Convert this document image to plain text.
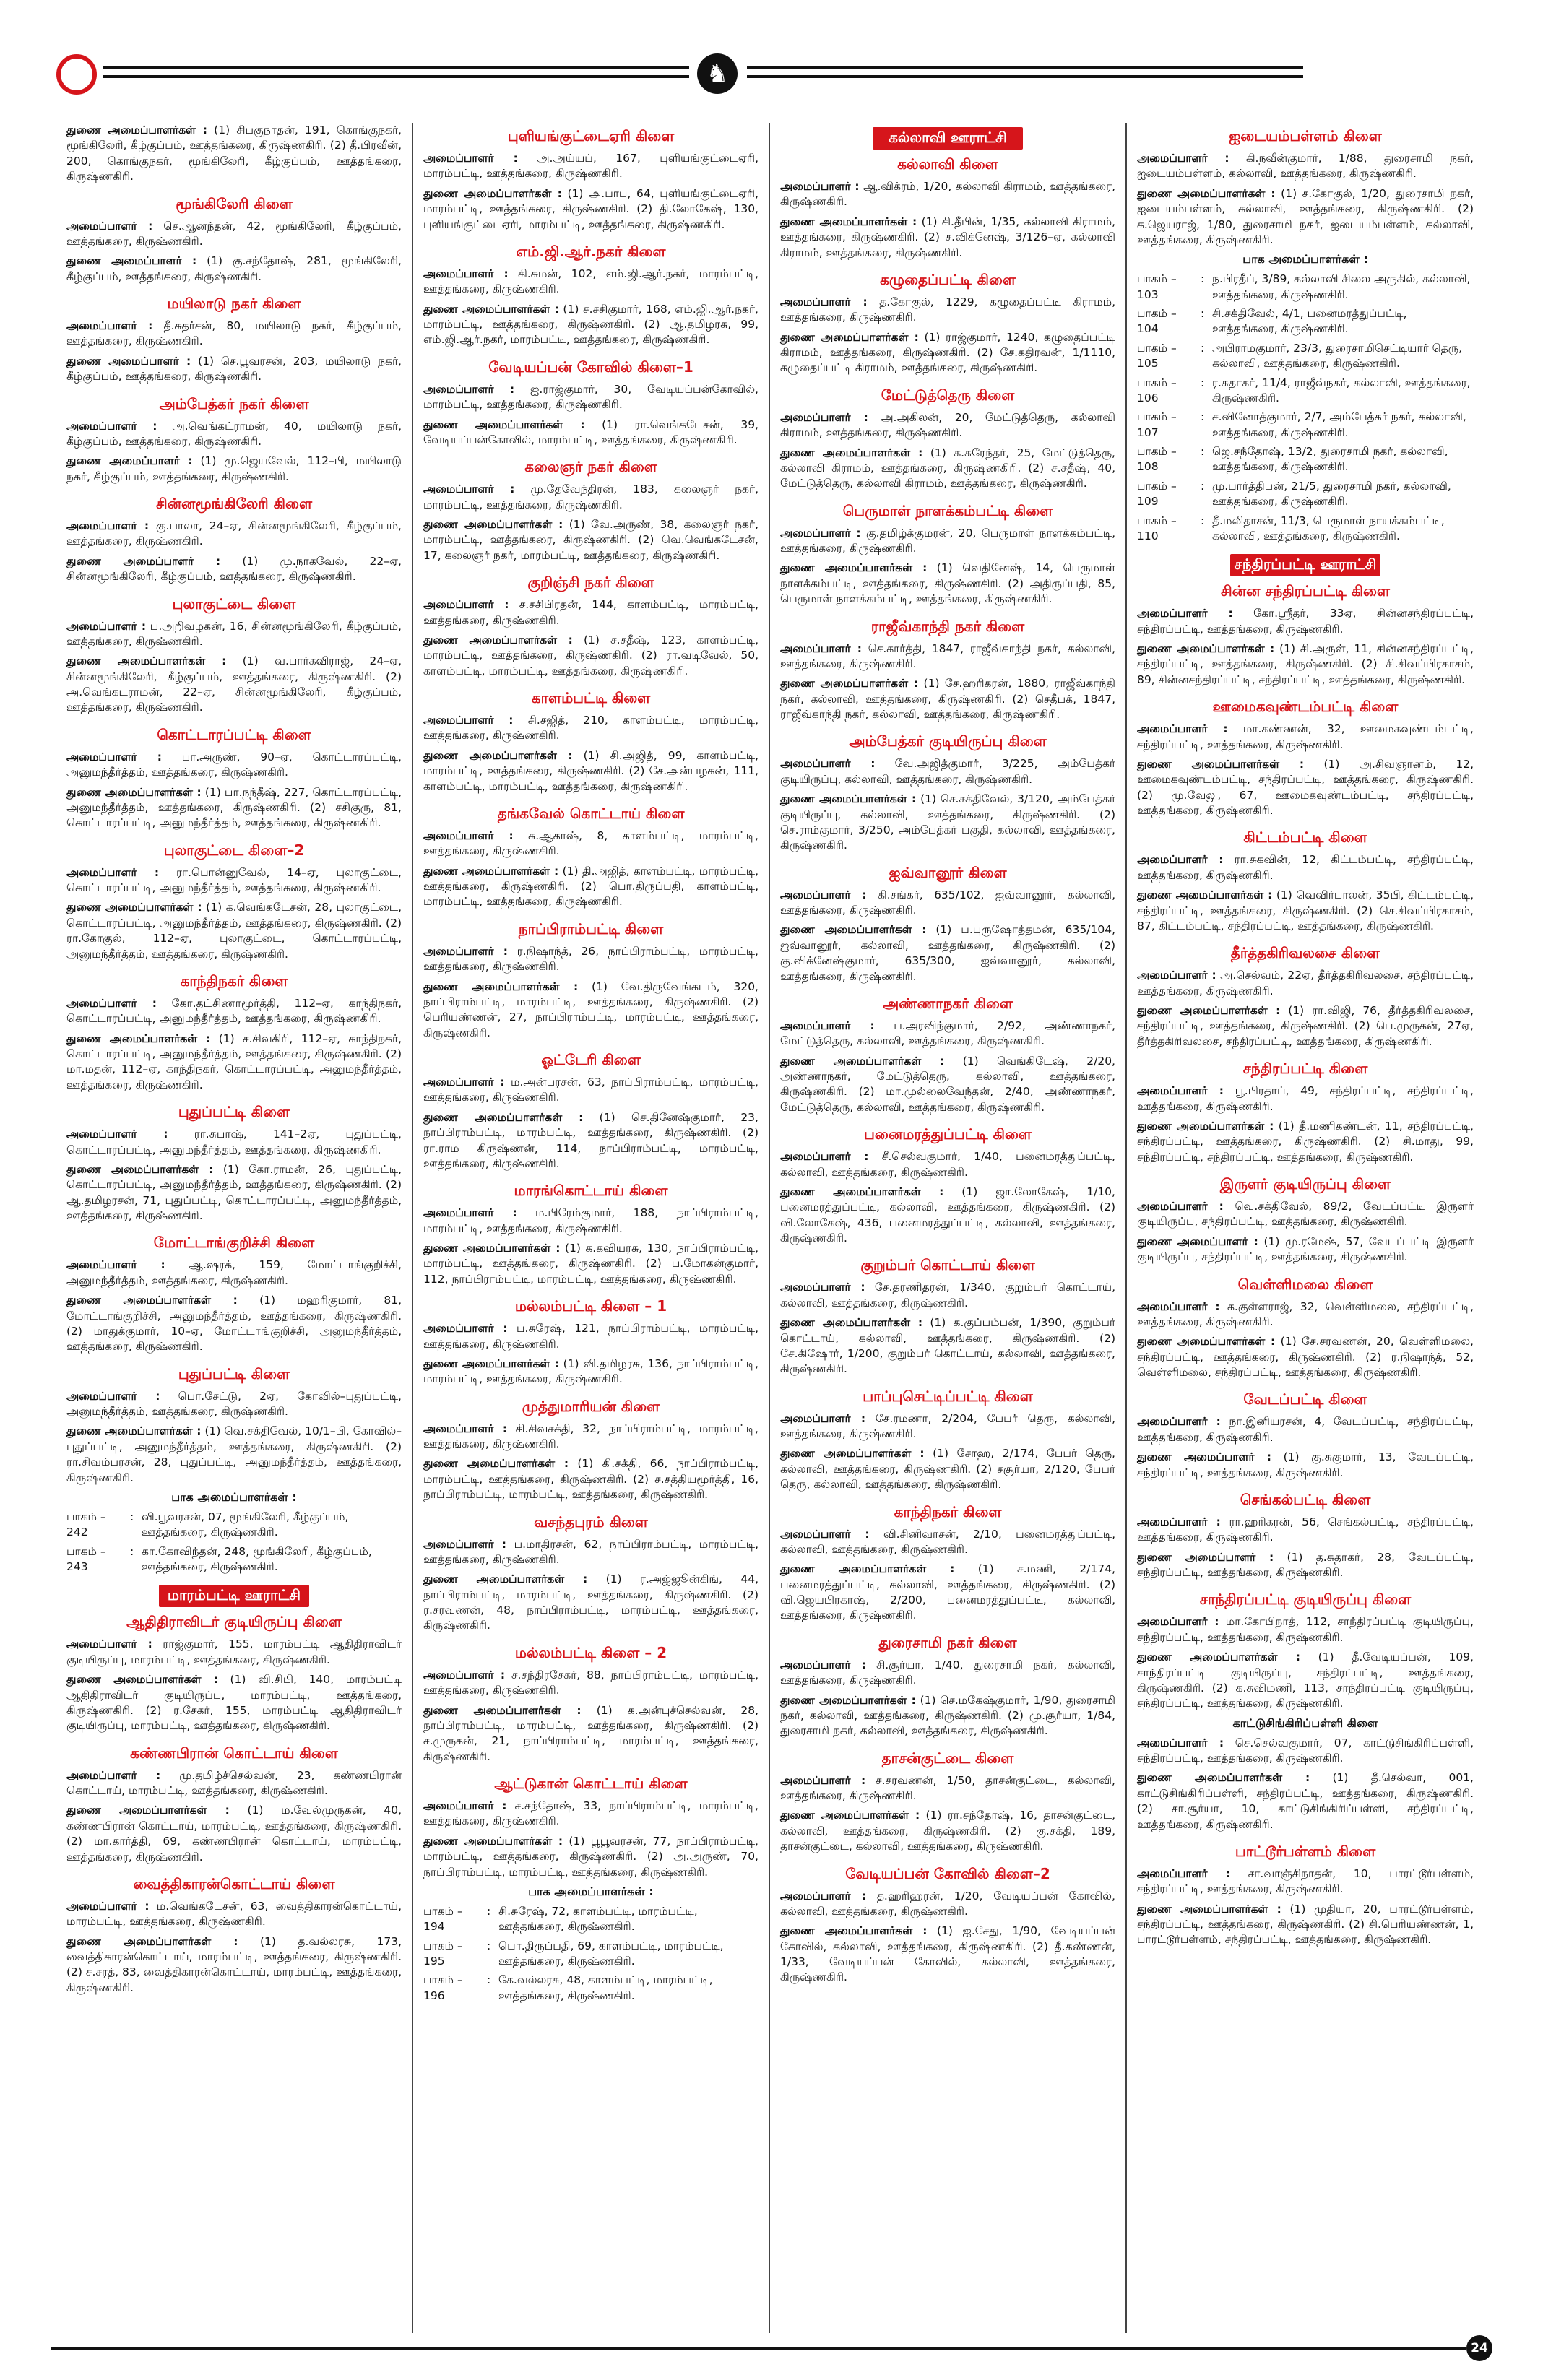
♞

துணை அமைப்பாளர்கள் : (1) சிபகுநாதன், 191, கொங்குநகர், மூங்கிலேரி, கீழ்குப்பம், ஊத்தங்கரை, கிருஷ்ணகிரி. (2) தீ.பிரவீன், 200, கொங்குநகர், மூங்கிலேரி, கீழ்குப்பம், ஊத்தங்கரை, கிருஷ்ணகிரி.

மூங்கிலேரி கிளை

அமைப்பாளர் : செ.ஆனந்தன், 42, மூங்கிலேரி, கீழ்குப்பம், ஊத்தங்கரை, கிருஷ்ணகிரி.

துணை அமைப்பாளர் : (1) கு.சந்தோஷ், 281, மூங்கிலேரி, கீழ்குப்பம், ஊத்தங்கரை, கிருஷ்ணகிரி.

மயிலாடு நகர் கிளை

அமைப்பாளர் : தீ.சுதர்சன், 80, மயிலாடு நகர், கீழ்குப்பம், ஊத்தங்கரை, கிருஷ்ணகிரி.

துணை அமைப்பாளர் : (1) செ.பூவரசன், 203, மயிலாடு நகர், கீழ்குப்பம், ஊத்தங்கரை, கிருஷ்ணகிரி.

அம்பேத்கர் நகர் கிளை

அமைப்பாளர் : அ.வெங்கட்ராமன், 40, மயிலாடு நகர், கீழ்குப்பம், ஊத்தங்கரை, கிருஷ்ணகிரி.

துணை அமைப்பாளர் : (1) மு.ஜெயவேல், 112–பி, மயிலாடு நகர், கீழ்குப்பம், ஊத்தங்கரை, கிருஷ்ணகிரி.

சின்னமூங்கிலேரி கிளை

அமைப்பாளர் : கு.பாலா, 24–ஏ, சின்னமூங்கிலேரி, கீழ்குப்பம், ஊத்தங்கரை, கிருஷ்ணகிரி.

துணை அமைப்பாளர் : (1) மு.நாகவேல், 22–ஏ, சின்னமூங்கிலேரி, கீழ்குப்பம், ஊத்தங்கரை, கிருஷ்ணகிரி.

புலாகுட்டை கிளை

அமைப்பாளர் : ப.அறிவழகன், 16, சின்னமூங்கிலேரி, கீழ்குப்பம், ஊத்தங்கரை, கிருஷ்ணகிரி.

துணை அமைப்பாளர்கள் : (1) வ.பார்கவிராஜ், 24–ஏ, சின்னமூங்கிலேரி, கீழ்குப்பம், ஊத்தங்கரை, கிருஷ்ணகிரி. (2) அ.வெங்கடராமன், 22–ஏ, சின்னமூங்கிலேரி, கீழ்குப்பம், ஊத்தங்கரை, கிருஷ்ணகிரி.

கொட்டாரப்பட்டி கிளை

அமைப்பாளர் : பா.அருண், 90–ஏ, கொட்டாரப்பட்டி, அனுமந்தீர்த்தம், ஊத்தங்கரை, கிருஷ்ணகிரி.

துணை அமைப்பாளர்கள் : (1) பா.நந்தீஷ், 227, கொட்டாரப்பட்டி, அனுமந்தீர்த்தம், ஊத்தங்கரை, கிருஷ்ணகிரி. (2) சசிகுரு, 81, கொட்டாரப்பட்டி, அனுமந்தீர்த்தம், ஊத்தங்கரை, கிருஷ்ணகிரி.

புலாகுட்டை கிளை–2

அமைப்பாளர் : ரா.பொன்னுவேல், 14–ஏ, புலாகுட்டை, கொட்டாரப்பட்டி, அனுமந்தீர்த்தம், ஊத்தங்கரை, கிருஷ்ணகிரி.

துணை அமைப்பாளர்கள் : (1) க.வெங்கடேசன், 28, புலாகுட்டை, கொட்டாரப்பட்டி, அனுமந்தீர்த்தம், ஊத்தங்கரை, கிருஷ்ணகிரி. (2) ரா.கோகுல், 112–ஏ, புலாகுட்டை, கொட்டாரப்பட்டி, அனுமந்தீர்த்தம், ஊத்தங்கரை, கிருஷ்ணகிரி.

காந்திநகர் கிளை

அமைப்பாளர் : கோ.தட்சிணாமூர்த்தி, 112–ஏ, காந்திநகர், கொட்டாரப்பட்டி, அனுமந்தீர்த்தம், ஊத்தங்கரை, கிருஷ்ணகிரி.

துணை அமைப்பாளர்கள் : (1) ச.சிவகிரி, 112–ஏ, காந்திநகர், கொட்டாரப்பட்டி, அனுமந்தீர்த்தம், ஊத்தங்கரை, கிருஷ்ணகிரி. (2) மா.மதன், 112–ஏ, காந்திநகர், கொட்டாரப்பட்டி, அனுமந்தீர்த்தம், ஊத்தங்கரை, கிருஷ்ணகிரி.

புதுப்பட்டி கிளை

அமைப்பாளர் : ரா.சுபாஷ், 141–2ஏ, புதுப்பட்டி, கொட்டாரப்பட்டி, அனுமந்தீர்த்தம், ஊத்தங்கரை, கிருஷ்ணகிரி.

துணை அமைப்பாளர்கள் : (1) கோ.ராமன், 26, புதுப்பட்டி, கொட்டாரப்பட்டி, அனுமந்தீர்த்தம், ஊத்தங்கரை, கிருஷ்ணகிரி. (2) ஆ.தமிழரசன், 71, புதுப்பட்டி, கொட்டாரப்பட்டி, அனுமந்தீர்த்தம், ஊத்தங்கரை, கிருஷ்ணகிரி.

மோட்டாங்குறிச்சி கிளை

அமைப்பாளர் : ஆ.ஷரக், 159, மோட்டாங்குறிச்சி, அனுமந்தீர்த்தம், ஊத்தங்கரை, கிருஷ்ணகிரி.

துணை அமைப்பாளர்கள் : (1) மஹரிகுமார், 81, மோட்டாங்குறிச்சி, அனுமந்தீர்த்தம், ஊத்தங்கரை, கிருஷ்ணகிரி. (2) மாதுக்குமார், 10–ஏ, மோட்டாங்குறிச்சி, அனுமந்தீர்த்தம், ஊத்தங்கரை, கிருஷ்ணகிரி.

புதுப்பட்டி கிளை

அமைப்பாளர் : பொ.சேட்டு, 2ஏ, கோவில்–புதுப்பட்டி, அனுமந்தீர்த்தம், ஊத்தங்கரை, கிருஷ்ணகிரி.

துணை அமைப்பாளர்கள் : (1) வெ.சக்திவேல், 10/1–பி, கோவில்–புதுப்பட்டி, அனுமந்தீர்த்தம், ஊத்தங்கரை, கிருஷ்ணகிரி. (2) ரா.சிவம்பரசன், 28, புதுப்பட்டி, அனுமந்தீர்த்தம், ஊத்தங்கரை, கிருஷ்ணகிரி.

பாக அமைப்பாளர்கள் :
பாகம் – 242
: வி.பூவரசன், 07, மூங்கிலேரி, கீழ்குப்பம், ஊத்தங்கரை, கிருஷ்ணகிரி.
பாகம் – 243
: கா.கோவிந்தன், 248, மூங்கிலேரி, கீழ்குப்பம், ஊத்தங்கரை, கிருஷ்ணகிரி.
மாரம்பட்டி ஊராட்சி
ஆதிதிராவிடர் குடியிருப்பு கிளை

அமைப்பாளர் : ராஜ்குமார், 155, மாரம்பட்டி ஆதிதிராவிடர் குடியிருப்பு, மாரம்பட்டி, ஊத்தங்கரை, கிருஷ்ணகிரி.

துணை அமைப்பாளர்கள் : (1) வி.சிபி, 140, மாரம்பட்டி ஆதிதிராவிடர் குடியிருப்பு, மாரம்பட்டி, ஊத்தங்கரை, கிருஷ்ணகிரி. (2) ர.சேகர், 155, மாரம்பட்டி ஆதிதிராவிடர் குடியிருப்பு, மாரம்பட்டி, ஊத்தங்கரை, கிருஷ்ணகிரி.

கண்ணபிரான் கொட்டாய் கிளை

அமைப்பாளர் : மு.தமிழ்ச்செல்வன், 23, கண்ணபிரான் கொட்டாய், மாரம்பட்டி, ஊத்தங்கரை, கிருஷ்ணகிரி.

துணை அமைப்பாளர்கள் : (1) ம.வேல்முருகன், 40, கண்ணபிரான் கொட்டாய், மாரம்பட்டி, ஊத்தங்கரை, கிருஷ்ணகிரி. (2) மா.கார்த்தி, 69, கண்ணபிரான் கொட்டாய், மாரம்பட்டி, ஊத்தங்கரை, கிருஷ்ணகிரி.

வைத்திகாரன்கொட்டாய் கிளை

அமைப்பாளர் : ம.வெங்கடேசன், 63, வைத்திகாரன்கொட்டாய், மாரம்பட்டி, ஊத்தங்கரை, கிருஷ்ணகிரி.

துணை அமைப்பாளர்கள் : (1) த.வல்லரசு, 173, வைத்திகாரன்கொட்டாய், மாரம்பட்டி, ஊத்தங்கரை, கிருஷ்ணகிரி. (2) ச.சரத், 83, வைத்திகாரன்கொட்டாய், மாரம்பட்டி, ஊத்தங்கரை, கிருஷ்ணகிரி.

புளியங்குட்டைஏரி கிளை

அமைப்பாளர் : அ.அய்யப், 167, புளியங்குட்டைஏரி, மாரம்பட்டி, ஊத்தங்கரை, கிருஷ்ணகிரி.

துணை அமைப்பாளர்கள் : (1) அ.பாபு, 64, புளியங்குட்டைஏரி, மாரம்பட்டி, ஊத்தங்கரை, கிருஷ்ணகிரி. (2) தி.லோகேஷ், 130, புளியங்குட்டைஏரி, மாரம்பட்டி, ஊத்தங்கரை, கிருஷ்ணகிரி.

எம்.ஜி.ஆர்.நகர் கிளை

அமைப்பாளர் : கி.சுமன், 102, எம்.ஜி.ஆர்.நகர், மாரம்பட்டி, ஊத்தங்கரை, கிருஷ்ணகிரி.

துணை அமைப்பாளர்கள் : (1) ச.சசிகுமார், 168, எம்.ஜி.ஆர்.நகர், மாரம்பட்டி, ஊத்தங்கரை, கிருஷ்ணகிரி. (2) ஆ.தமிழரசு, 99, எம்.ஜி.ஆர்.நகர், மாரம்பட்டி, ஊத்தங்கரை, கிருஷ்ணகிரி.

வேடியப்பன் கோவில் கிளை–1

அமைப்பாளர் : ஐ.ராஜ்குமார், 30, வேடியப்பன்கோவில், மாரம்பட்டி, ஊத்தங்கரை, கிருஷ்ணகிரி.

துணை அமைப்பாளர்கள் : (1) ரா.வெங்கடேசன், 39, வேடியப்பன்கோவில், மாரம்பட்டி, ஊத்தங்கரை, கிருஷ்ணகிரி.

கலைஞர் நகர் கிளை

அமைப்பாளர் : மு.தேவேந்திரன், 183, கலைஞர் நகர், மாரம்பட்டி, ஊத்தங்கரை, கிருஷ்ணகிரி.

துணை அமைப்பாளர்கள் : (1) வே.அருண், 38, கலைஞர் நகர், மாரம்பட்டி, ஊத்தங்கரை, கிருஷ்ணகிரி. (2) வெ.வெங்கடேசன், 17, கலைஞர் நகர், மாரம்பட்டி, ஊத்தங்கரை, கிருஷ்ணகிரி.

குறிஞ்சி நகர் கிளை

அமைப்பாளர் : ச.சசிபிரதன், 144, காளம்பட்டி, மாரம்பட்டி, ஊத்தங்கரை, கிருஷ்ணகிரி.

துணை அமைப்பாளர்கள் : (1) ச.சதீஷ், 123, காளம்பட்டி, மாரம்பட்டி, ஊத்தங்கரை, கிருஷ்ணகிரி. (2) ரா.வடிவேல், 50, காளம்பட்டி, மாரம்பட்டி, ஊத்தங்கரை, கிருஷ்ணகிரி.

காளம்பட்டி கிளை

அமைப்பாளர் : சி.சஜித், 210, காளம்பட்டி, மாரம்பட்டி, ஊத்தங்கரை, கிருஷ்ணகிரி.

துணை அமைப்பாளர்கள் : (1) சி.அஜித், 99, காளம்பட்டி, மாரம்பட்டி, ஊத்தங்கரை, கிருஷ்ணகிரி. (2) சே.அன்பழகன், 111, காளம்பட்டி, மாரம்பட்டி, ஊத்தங்கரை, கிருஷ்ணகிரி.

தங்கவேல் கொட்டாய் கிளை

அமைப்பாளர் : சு.ஆகாஷ், 8, காளம்பட்டி, மாரம்பட்டி, ஊத்தங்கரை, கிருஷ்ணகிரி.

துணை அமைப்பாளர்கள் : (1) தி.அஜித், காளம்பட்டி, மாரம்பட்டி, ஊத்தங்கரை, கிருஷ்ணகிரி. (2) பொ.திருப்பதி, காளம்பட்டி, மாரம்பட்டி, ஊத்தங்கரை, கிருஷ்ணகிரி.

நாப்பிராம்பட்டி கிளை

அமைப்பாளர் : ர.நிஷாந்த், 26, நாப்பிராம்பட்டி, மாரம்பட்டி, ஊத்தங்கரை, கிருஷ்ணகிரி.

துணை அமைப்பாளர்கள் : (1) வே.திருவேங்கடம், 320, நாப்பிராம்பட்டி, மாரம்பட்டி, ஊத்தங்கரை, கிருஷ்ணகிரி. (2) பெரியண்ணன், 27, நாப்பிராம்பட்டி, மாரம்பட்டி, ஊத்தங்கரை, கிருஷ்ணகிரி.

ஓட்டேரி கிளை

அமைப்பாளர் : ம.அன்பரசன், 63, நாப்பிராம்பட்டி, மாரம்பட்டி, ஊத்தங்கரை, கிருஷ்ணகிரி.

துணை அமைப்பாளர்கள் : (1) செ.தினேஷ்குமார், 23, நாப்பிராம்பட்டி, மாரம்பட்டி, ஊத்தங்கரை, கிருஷ்ணகிரி. (2) ரா.ராம கிருஷ்ணன், 114, நாப்பிராம்பட்டி, மாரம்பட்டி, ஊத்தங்கரை, கிருஷ்ணகிரி.

மாரங்கொட்டாய் கிளை

அமைப்பாளர் : ம.பிரேம்குமார், 188, நாப்பிராம்பட்டி, மாரம்பட்டி, ஊத்தங்கரை, கிருஷ்ணகிரி.

துணை அமைப்பாளர்கள் : (1) க.கவியரசு, 130, நாப்பிராம்பட்டி, மாரம்பட்டி, ஊத்தங்கரை, கிருஷ்ணகிரி. (2) ப.மோகன்குமார், 112, நாப்பிராம்பட்டி, மாரம்பட்டி, ஊத்தங்கரை, கிருஷ்ணகிரி.

மல்லம்பட்டி கிளை – 1

அமைப்பாளர் : ப.சுரேஷ், 121, நாப்பிராம்பட்டி, மாரம்பட்டி, ஊத்தங்கரை, கிருஷ்ணகிரி.

துணை அமைப்பாளர்கள் : (1) வி.தமிழரசு, 136, நாப்பிராம்பட்டி, மாரம்பட்டி, ஊத்தங்கரை, கிருஷ்ணகிரி.

முத்துமாரியன் கிளை

அமைப்பாளர் : கி.சிவசக்தி, 32, நாப்பிராம்பட்டி, மாரம்பட்டி, ஊத்தங்கரை, கிருஷ்ணகிரி.

துணை அமைப்பாளர்கள் : (1) கி.சக்தி, 66, நாப்பிராம்பட்டி, மாரம்பட்டி, ஊத்தங்கரை, கிருஷ்ணகிரி. (2) ச.சத்தியமூர்த்தி, 16, நாப்பிராம்பட்டி, மாரம்பட்டி, ஊத்தங்கரை, கிருஷ்ணகிரி.

வசந்தபுரம் கிளை

அமைப்பாளர் : ப.மாதிரசன், 62, நாப்பிராம்பட்டி, மாரம்பட்டி, ஊத்தங்கரை, கிருஷ்ணகிரி.

துணை அமைப்பாளர்கள் : (1) ர.அஜ்ஜூன்கிங், 44, நாப்பிராம்பட்டி, மாரம்பட்டி, ஊத்தங்கரை, கிருஷ்ணகிரி. (2) ர.சரவணன், 48, நாப்பிராம்பட்டி, மாரம்பட்டி, ஊத்தங்கரை, கிருஷ்ணகிரி.

மல்லம்பட்டி கிளை – 2

அமைப்பாளர் : ச.சந்திரசேகர், 88, நாப்பிராம்பட்டி, மாரம்பட்டி, ஊத்தங்கரை, கிருஷ்ணகிரி.

துணை அமைப்பாளர்கள் : (1) க.அன்புச்செல்வன், 28, நாப்பிராம்பட்டி, மாரம்பட்டி, ஊத்தங்கரை, கிருஷ்ணகிரி. (2) ச.முருகன், 21, நாப்பிராம்பட்டி, மாரம்பட்டி, ஊத்தங்கரை, கிருஷ்ணகிரி.

ஆட்டுகான் கொட்டாய் கிளை

அமைப்பாளர் : ச.சந்தோஷ், 33, நாப்பிராம்பட்டி, மாரம்பட்டி, ஊத்தங்கரை, கிருஷ்ணகிரி.

துணை அமைப்பாளர்கள் : (1) பூபூவரசன், 77, நாப்பிராம்பட்டி, மாரம்பட்டி, ஊத்தங்கரை, கிருஷ்ணகிரி. (2) அ.அருண், 70, நாப்பிராம்பட்டி, மாரம்பட்டி, ஊத்தங்கரை, கிருஷ்ணகிரி.

பாக அமைப்பாளர்கள் :
பாகம் – 194
: சி.சுரேஷ், 72, காளம்பட்டி, மாரம்பட்டி, ஊத்தங்கரை, கிருஷ்ணகிரி.
பாகம் – 195
: பொ.திருப்பதி, 69, காளம்பட்டி, மாரம்பட்டி, ஊத்தங்கரை, கிருஷ்ணகிரி.
பாகம் – 196
: கே.வல்லரசு, 48, காளம்பட்டி, மாரம்பட்டி, ஊத்தங்கரை, கிருஷ்ணகிரி.
கல்லாவி ஊராட்சி
கல்லாவி கிளை

அமைப்பாளர் : ஆ.விக்ரம், 1/20, கல்லாவி கிராமம், ஊத்தங்கரை, கிருஷ்ணகிரி.

துணை அமைப்பாளர்கள் : (1) சி.தீபின், 1/35, கல்லாவி கிராமம், ஊத்தங்கரை, கிருஷ்ணகிரி. (2) ச.விக்னேஷ், 3/126–ஏ, கல்லாவி கிராமம், ஊத்தங்கரை, கிருஷ்ணகிரி.

கழுதைப்பட்டி கிளை

அமைப்பாளர் : த.கோகுல், 1229, கழுதைப்பட்டி கிராமம், ஊத்தங்கரை, கிருஷ்ணகிரி.

துணை அமைப்பாளர்கள் : (1) ராஜ்குமார், 1240, கழுதைப்பட்டி கிராமம், ஊத்தங்கரை, கிருஷ்ணகிரி. (2) சே.கதிரவன், 1/1110, கழுதைப்பட்டி கிராமம், ஊத்தங்கரை, கிருஷ்ணகிரி.

மேட்டுத்தெரு கிளை

அமைப்பாளர் : அ.அகிலன், 20, மேட்டுத்தெரு, கல்லாவி கிராமம், ஊத்தங்கரை, கிருஷ்ணகிரி.

துணை அமைப்பாளர்கள் : (1) க.சுரேந்தர், 25, மேட்டுத்தெரு, கல்லாவி கிராமம், ஊத்தங்கரை, கிருஷ்ணகிரி. (2) ச.சதீஷ், 40, மேட்டுத்தெரு, கல்லாவி கிராமம், ஊத்தங்கரை, கிருஷ்ணகிரி.

பெருமாள் நாளக்கம்பட்டி கிளை

அமைப்பாளர் : கு.தமிழ்க்குமரன், 20, பெருமாள் நாளக்கம்பட்டி, ஊத்தங்கரை, கிருஷ்ணகிரி.

துணை அமைப்பாளர்கள் : (1) வெதினேஷ், 14, பெருமாள் நாளக்கம்பட்டி, ஊத்தங்கரை, கிருஷ்ணகிரி. (2) அதிருப்பதி, 85, பெருமாள் நாளக்கம்பட்டி, ஊத்தங்கரை, கிருஷ்ணகிரி.

ராஜீவ்காந்தி நகர் கிளை

அமைப்பாளர் : செ.கார்த்தி, 1847, ராஜீவ்காந்தி நகர், கல்லாவி, ஊத்தங்கரை, கிருஷ்ணகிரி.

துணை அமைப்பாளர்கள் : (1) சே.ஹரிகரன், 1880, ராஜீவ்காந்தி நகர், கல்லாவி, ஊத்தங்கரை, கிருஷ்ணகிரி. (2) செதீபக், 1847, ராஜீவ்காந்தி நகர், கல்லாவி, ஊத்தங்கரை, கிருஷ்ணகிரி.

அம்பேத்கர் குடியிருப்பு கிளை

அமைப்பாளர் : வே.அஜித்குமார், 3/225, அம்பேத்கர் குடியிருப்பு, கல்லாவி, ஊத்தங்கரை, கிருஷ்ணகிரி.

துணை அமைப்பாளர்கள் : (1) செ.சக்திவேல், 3/120, அம்பேத்கர் குடியிருப்பு, கல்லாவி, ஊத்தங்கரை, கிருஷ்ணகிரி. (2) செ.ராம்குமார், 3/250, அம்பேத்கர் பகுதி, கல்லாவி, ஊத்தங்கரை, கிருஷ்ணகிரி.

ஐவ்வானூர் கிளை

அமைப்பாளர் : கி.சங்கர், 635/102, ஐவ்வானூர், கல்லாவி, ஊத்தங்கரை, கிருஷ்ணகிரி.

துணை அமைப்பாளர்கள் : (1) ப.புருஷோத்தமன், 635/104, ஐவ்வானூர், கல்லாவி, ஊத்தங்கரை, கிருஷ்ணகிரி. (2) கு.விக்னேஷ்குமார், 635/300, ஐவ்வானூர், கல்லாவி, ஊத்தங்கரை, கிருஷ்ணகிரி.

அண்ணாநகர் கிளை

அமைப்பாளர் : ப.அரவிந்குமார், 2/92, அண்ணாநகர், மேட்டுத்தெரு, கல்லாவி, ஊத்தங்கரை, கிருஷ்ணகிரி.

துணை அமைப்பாளர்கள் : (1) வெங்கிடேஷ், 2/20, அண்ணாநகர், மேட்டுத்தெரு, கல்லாவி, ஊத்தங்கரை, கிருஷ்ணகிரி. (2) மா.முல்லைவேந்தன், 2/40, அண்ணாநகர், மேட்டுத்தெரு, கல்லாவி, ஊத்தங்கரை, கிருஷ்ணகிரி.

பனைமரத்துப்பட்டி கிளை

அமைப்பாளர் : சீ.செல்வகுமார், 1/40, பனைமரத்துப்பட்டி, கல்லாவி, ஊத்தங்கரை, கிருஷ்ணகிரி.

துணை அமைப்பாளர்கள் : (1) ஜா.லோகேஷ், 1/10, பனைமரத்துப்பட்டி, கல்லாவி, ஊத்தங்கரை, கிருஷ்ணகிரி. (2) வி.லோகேஷ், 436, பனைமரத்துப்பட்டி, கல்லாவி, ஊத்தங்கரை, கிருஷ்ணகிரி.

குறும்பர் கொட்டாய் கிளை

அமைப்பாளர் : சே.தரணிதரன், 1/340, குறும்பர் கொட்டாய், கல்லாவி, ஊத்தங்கரை, கிருஷ்ணகிரி.

துணை அமைப்பாளர்கள் : (1) க.குப்பம்பன், 1/390, குறும்பர் கொட்டாய், கல்லாவி, ஊத்தங்கரை, கிருஷ்ணகிரி. (2) சே.கிஷோர், 1/200, குறும்பர் கொட்டாய், கல்லாவி, ஊத்தங்கரை, கிருஷ்ணகிரி.

பாப்புசெட்டிப்பட்டி கிளை

அமைப்பாளர் : சே.ரமணா, 2/204, பேபர் தெரு, கல்லாவி, ஊத்தங்கரை, கிருஷ்ணகிரி.

துணை அமைப்பாளர்கள் : (1) சோஹ, 2/174, பேபர் தெரு, கல்லாவி, ஊத்தங்கரை, கிருஷ்ணகிரி. (2) சசூர்யா, 2/120, பேபர் தெரு, கல்லாவி, ஊத்தங்கரை, கிருஷ்ணகிரி.

காந்திநகர் கிளை

அமைப்பாளர் : வி.சினிவாசன், 2/10, பனைமரத்துப்பட்டி, கல்லாவி, ஊத்தங்கரை, கிருஷ்ணகிரி.

துணை அமைப்பாளர்கள் : (1) ச.மணி, 2/174, பனைமரத்துப்பட்டி, கல்லாவி, ஊத்தங்கரை, கிருஷ்ணகிரி. (2) வி.ஜெயபிரகாஷ், 2/200, பனைமரத்துப்பட்டி, கல்லாவி, ஊத்தங்கரை, கிருஷ்ணகிரி.

துரைசாமி நகர் கிளை

அமைப்பாளர் : சி.சூர்யா, 1/40, துரைசாமி நகர், கல்லாவி, ஊத்தங்கரை, கிருஷ்ணகிரி.

துணை அமைப்பாளர்கள் : (1) செ.மகேஷ்குமார், 1/90, துரைசாமி நகர், கல்லாவி, ஊத்தங்கரை, கிருஷ்ணகிரி. (2) மு.சூர்யா, 1/84, துரைசாமி நகர், கல்லாவி, ஊத்தங்கரை, கிருஷ்ணகிரி.

தாசன்குட்டை கிளை

அமைப்பாளர் : ச.சரவணன், 1/50, தாசன்குட்டை, கல்லாவி, ஊத்தங்கரை, கிருஷ்ணகிரி.

துணை அமைப்பாளர்கள் : (1) ரா.சந்தோஷ், 16, தாசன்குட்டை, கல்லாவி, ஊத்தங்கரை, கிருஷ்ணகிரி. (2) கு.சக்தி, 189, தாசன்குட்டை, கல்லாவி, ஊத்தங்கரை, கிருஷ்ணகிரி.

வேடியப்பன் கோவில் கிளை–2

அமைப்பாளர் : த.ஹரிஹரன், 1/20, வேடியப்பன் கோவில், கல்லாவி, ஊத்தங்கரை, கிருஷ்ணகிரி.

துணை அமைப்பாளர்கள் : (1) ஐ.சேது, 1/90, வேடியப்பன் கோவில், கல்லாவி, ஊத்தங்கரை, கிருஷ்ணகிரி. (2) தீ.கண்ணன், 1/33, வேடியப்பன் கோவில், கல்லாவி, ஊத்தங்கரை, கிருஷ்ணகிரி.

ஐடையம்பள்ளம் கிளை

அமைப்பாளர் : கி.நவீன்குமார், 1/88, துரைசாமி நகர், ஐடையம்பள்ளம், கல்லாவி, ஊத்தங்கரை, கிருஷ்ணகிரி.

துணை அமைப்பாளர்கள் : (1) ச.கோகுல், 1/20, துரைசாமி நகர், ஐடையம்பள்ளம், கல்லாவி, ஊத்தங்கரை, கிருஷ்ணகிரி. (2) க.ஜெயராஜ், 1/80, துரைசாமி நகர், ஐடையம்பள்ளம், கல்லாவி, ஊத்தங்கரை, கிருஷ்ணகிரி.

பாக அமைப்பாளர்கள் :
பாகம் – 103
: ந.பிரதீப், 3/89, கல்லாவி சிலை அருகில், கல்லாவி, ஊத்தங்கரை, கிருஷ்ணகிரி.
பாகம் – 104
: சி.சக்திவேல், 4/1, பனைமரத்துப்பட்டி, ஊத்தங்கரை, கிருஷ்ணகிரி.
பாகம் – 105
: அபிராமகுமார், 23/3, துரைசாமிசெட்டியார் தெரு, கல்லாவி, ஊத்தங்கரை, கிருஷ்ணகிரி.
பாகம் – 106
: ர.சுதாகர், 11/4, ராஜீவ்நகர், கல்லாவி, ஊத்தங்கரை, கிருஷ்ணகிரி.
பாகம் – 107
: ச.வினோத்குமார், 2/7, அம்பேத்கர் நகர், கல்லாவி, ஊத்தங்கரை, கிருஷ்ணகிரி.
பாகம் – 108
: ஜெ.சந்தோஷ், 13/2, துரைசாமி நகர், கல்லாவி, ஊத்தங்கரை, கிருஷ்ணகிரி.
பாகம் – 109
: மு.பார்த்திபன், 21/5, துரைசாமி நகர், கல்லாவி, ஊத்தங்கரை, கிருஷ்ணகிரி.
பாகம் – 110
: தீ.மலிதாசன், 11/3, பெருமாள் நாயக்கம்பட்டி, கல்லாவி, ஊத்தங்கரை, கிருஷ்ணகிரி.
சந்திரப்பட்டி ஊராட்சி
சின்ன சந்திரப்பட்டி கிளை

அமைப்பாளர் : கோ.ஸ்ரீதர், 33ஏ, சின்னசந்திரப்பட்டி, சந்திரப்பட்டி, ஊத்தங்கரை, கிருஷ்ணகிரி.

துணை அமைப்பாளர்கள் : (1) சி.அருள், 11, சின்னசந்திரப்பட்டி, சந்திரப்பட்டி, ஊத்தங்கரை, கிருஷ்ணகிரி. (2) சி.சிவப்பிரகாசம், 89, சின்னசந்திரப்பட்டி, சந்திரப்பட்டி, ஊத்தங்கரை, கிருஷ்ணகிரி.

ஊமைகவுண்டம்பட்டி கிளை

அமைப்பாளர் : மா.கண்ணன், 32, ஊமைகவுண்டம்பட்டி, சந்திரப்பட்டி, ஊத்தங்கரை, கிருஷ்ணகிரி.

துணை அமைப்பாளர்கள் : (1) அ.சிவஞானம், 12, ஊமைகவுண்டம்பட்டி, சந்திரப்பட்டி, ஊத்தங்கரை, கிருஷ்ணகிரி. (2) மு.வேலு, 67, ஊமைகவுண்டம்பட்டி, சந்திரப்பட்டி, ஊத்தங்கரை, கிருஷ்ணகிரி.

கிட்டம்பட்டி கிளை

அமைப்பாளர் : ரா.சுகவின், 12, கிட்டம்பட்டி, சந்திரப்பட்டி, ஊத்தங்கரை, கிருஷ்ணகிரி.

துணை அமைப்பாளர்கள் : (1) வெவிர்பாலன், 35பி, கிட்டம்பட்டி, சந்திரப்பட்டி, ஊத்தங்கரை, கிருஷ்ணகிரி. (2) செ.சிவப்பிரகாசம், 87, கிட்டம்பட்டி, சந்திரப்பட்டி, ஊத்தங்கரை, கிருஷ்ணகிரி.

தீர்த்தகிரிவலசை கிளை

அமைப்பாளர் : அ.செல்வம், 22ஏ, தீர்த்தகிரிவலசை, சந்திரப்பட்டி, ஊத்தங்கரை, கிருஷ்ணகிரி.

துணை அமைப்பாளர்கள் : (1) ரா.விஜி, 76, தீர்த்தகிரிவலசை, சந்திரப்பட்டி, ஊத்தங்கரை, கிருஷ்ணகிரி. (2) பெ.முருகன், 27ஏ, தீர்த்தகிரிவலசை, சந்திரப்பட்டி, ஊத்தங்கரை, கிருஷ்ணகிரி.

சந்திரப்பட்டி கிளை

அமைப்பாளர் : பூ.பிரதாப், 49, சந்திரப்பட்டி, சந்திரப்பட்டி, ஊத்தங்கரை, கிருஷ்ணகிரி.

துணை அமைப்பாளர்கள் : (1) தீ.மணிகண்டன், 11, சந்திரப்பட்டி, சந்திரப்பட்டி, ஊத்தங்கரை, கிருஷ்ணகிரி. (2) சி.மாது, 99, சந்திரப்பட்டி, சந்திரப்பட்டி, ஊத்தங்கரை, கிருஷ்ணகிரி.

இருளர் குடியிருப்பு கிளை

அமைப்பாளர் : வெ.சக்திவேல், 89/2, வேடப்பட்டி இருளர் குடியிருப்பு, சந்திரப்பட்டி, ஊத்தங்கரை, கிருஷ்ணகிரி.

துணை அமைப்பாளர் : (1) மு.ரமேஷ், 57, வேடப்பட்டி இருளர் குடியிருப்பு, சந்திரப்பட்டி, ஊத்தங்கரை, கிருஷ்ணகிரி.

வெள்ளிமலை கிளை

அமைப்பாளர் : க.குள்ளராஜ், 32, வெள்ளிமலை, சந்திரப்பட்டி, ஊத்தங்கரை, கிருஷ்ணகிரி.

துணை அமைப்பாளர்கள் : (1) சே.சரவணன், 20, வெள்ளிமலை, சந்திரப்பட்டி, ஊத்தங்கரை, கிருஷ்ணகிரி. (2) ர.நிஷாந்த், 52, வெள்ளிமலை, சந்திரப்பட்டி, ஊத்தங்கரை, கிருஷ்ணகிரி.

வேடப்பட்டி கிளை

அமைப்பாளர் : நா.இனியரசன், 4, வேடப்பட்டி, சந்திரப்பட்டி, ஊத்தங்கரை, கிருஷ்ணகிரி.

துணை அமைப்பாளர் : (1) கு.சுகுமார், 13, வேடப்பட்டி, சந்திரப்பட்டி, ஊத்தங்கரை, கிருஷ்ணகிரி.

செங்கல்பட்டி கிளை

அமைப்பாளர் : ரா.ஹரிகரன், 56, செங்கல்பட்டி, சந்திரப்பட்டி, ஊத்தங்கரை, கிருஷ்ணகிரி.

துணை அமைப்பாளர் : (1) த.சுதாகர், 28, வேடப்பட்டி, சந்திரப்பட்டி, ஊத்தங்கரை, கிருஷ்ணகிரி.

சாந்திரப்பட்டி குடியிருப்பு கிளை

அமைப்பாளர் : மா.கோபிநாத், 112, சாந்திரப்பட்டி குடியிருப்பு, சந்திரப்பட்டி, ஊத்தங்கரை, கிருஷ்ணகிரி.

துணை அமைப்பாளர்கள் : (1) தீ.வேடியப்பன், 109, சாந்திரப்பட்டி குடியிருப்பு, சந்திரப்பட்டி, ஊத்தங்கரை, கிருஷ்ணகிரி. (2) க.சுவிமணி, 113, சாந்திரப்பட்டி குடியிருப்பு, சந்திரப்பட்டி, ஊத்தங்கரை, கிருஷ்ணகிரி.

காட்டுசிங்கிரிப்பள்ளி கிளை

அமைப்பாளர் : செ.செல்வகுமார், 07, காட்டுசிங்கிரிப்பள்ளி, சந்திரப்பட்டி, ஊத்தங்கரை, கிருஷ்ணகிரி.

துணை அமைப்பாளர்கள் : (1) தீ.செல்வா, 001, காட்டுசிங்கிரிப்பள்ளி, சந்திரப்பட்டி, ஊத்தங்கரை, கிருஷ்ணகிரி. (2) சா.சூர்யா, 10, காட்டுசிங்கிரிப்பள்ளி, சந்திரப்பட்டி, ஊத்தங்கரை, கிருஷ்ணகிரி.

பாட்டூர்பள்ளம் கிளை

அமைப்பாளர் : சா.வாஞ்சிநாதன், 10, பாரட்டூர்பள்ளம், சந்திரப்பட்டி, ஊத்தங்கரை, கிருஷ்ணகிரி.

துணை அமைப்பாளர்கள் : (1) முதியா, 20, பாரட்டூர்பள்ளம், சந்திரப்பட்டி, ஊத்தங்கரை, கிருஷ்ணகிரி. (2) சி.பெரியண்ணன், 1, பாரட்டூர்பள்ளம், சந்திரப்பட்டி, ஊத்தங்கரை, கிருஷ்ணகிரி.

24
